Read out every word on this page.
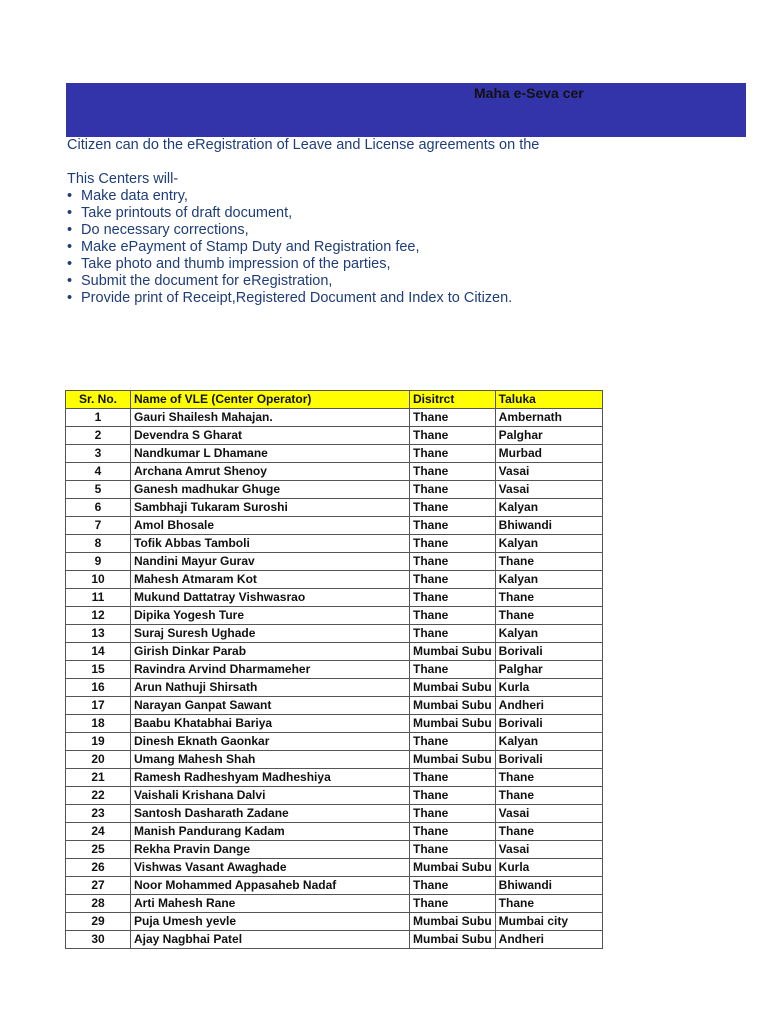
Maha e-Seva cer

Citizen can do the eRegistration of Leave and License agreements on the

This Centers will-

• Make data entry,
• Take printouts of draft document,
• Do necessary corrections,
• Make ePayment of Stamp Duty and Registration fee,
• Take photo and thumb impression of the parties,
• Submit the document for eRegistration,
• Provide print of Receipt,Registered Document and Index to Citizen.
Sr. No.	Name of VLE (Center Operator)	Disitrct	Taluka
1	Gauri Shailesh Mahajan.	Thane	Ambernath
2	Devendra S Gharat	Thane	Palghar
3	Nandkumar L Dhamane	Thane	Murbad
4	Archana Amrut Shenoy	Thane	Vasai
5	Ganesh madhukar Ghuge	Thane	Vasai
6	Sambhaji Tukaram Suroshi	Thane	Kalyan
7	Amol Bhosale	Thane	Bhiwandi
8	Tofik Abbas Tamboli	Thane	Kalyan
9	Nandini Mayur Gurav	Thane	Thane
10	Mahesh Atmaram Kot	Thane	Kalyan
11	Mukund Dattatray Vishwasrao	Thane	Thane
12	Dipika Yogesh Ture	Thane	Thane
13	Suraj Suresh Ughade	Thane	Kalyan
14	Girish Dinkar Parab	Mumbai Subu	Borivali
15	Ravindra Arvind Dharmameher	Thane	Palghar
16	Arun Nathuji Shirsath	Mumbai Subu	Kurla
17	Narayan Ganpat Sawant	Mumbai Subu	Andheri
18	Baabu Khatabhai Bariya	Mumbai Subu	Borivali
19	Dinesh Eknath Gaonkar	Thane	Kalyan
20	Umang Mahesh Shah	Mumbai Subu	Borivali
21	Ramesh Radheshyam Madheshiya	Thane	Thane
22	Vaishali Krishana Dalvi	Thane	Thane
23	Santosh Dasharath Zadane	Thane	Vasai
24	Manish Pandurang Kadam	Thane	Thane
25	Rekha Pravin Dange	Thane	Vasai
26	Vishwas Vasant Awaghade	Mumbai Subu	Kurla
27	Noor Mohammed Appasaheb Nadaf	Thane	Bhiwandi
28	Arti Mahesh Rane	Thane	Thane
29	Puja Umesh yevle	Mumbai Subu	Mumbai city
30	Ajay Nagbhai Patel	Mumbai Subu	Andheri
